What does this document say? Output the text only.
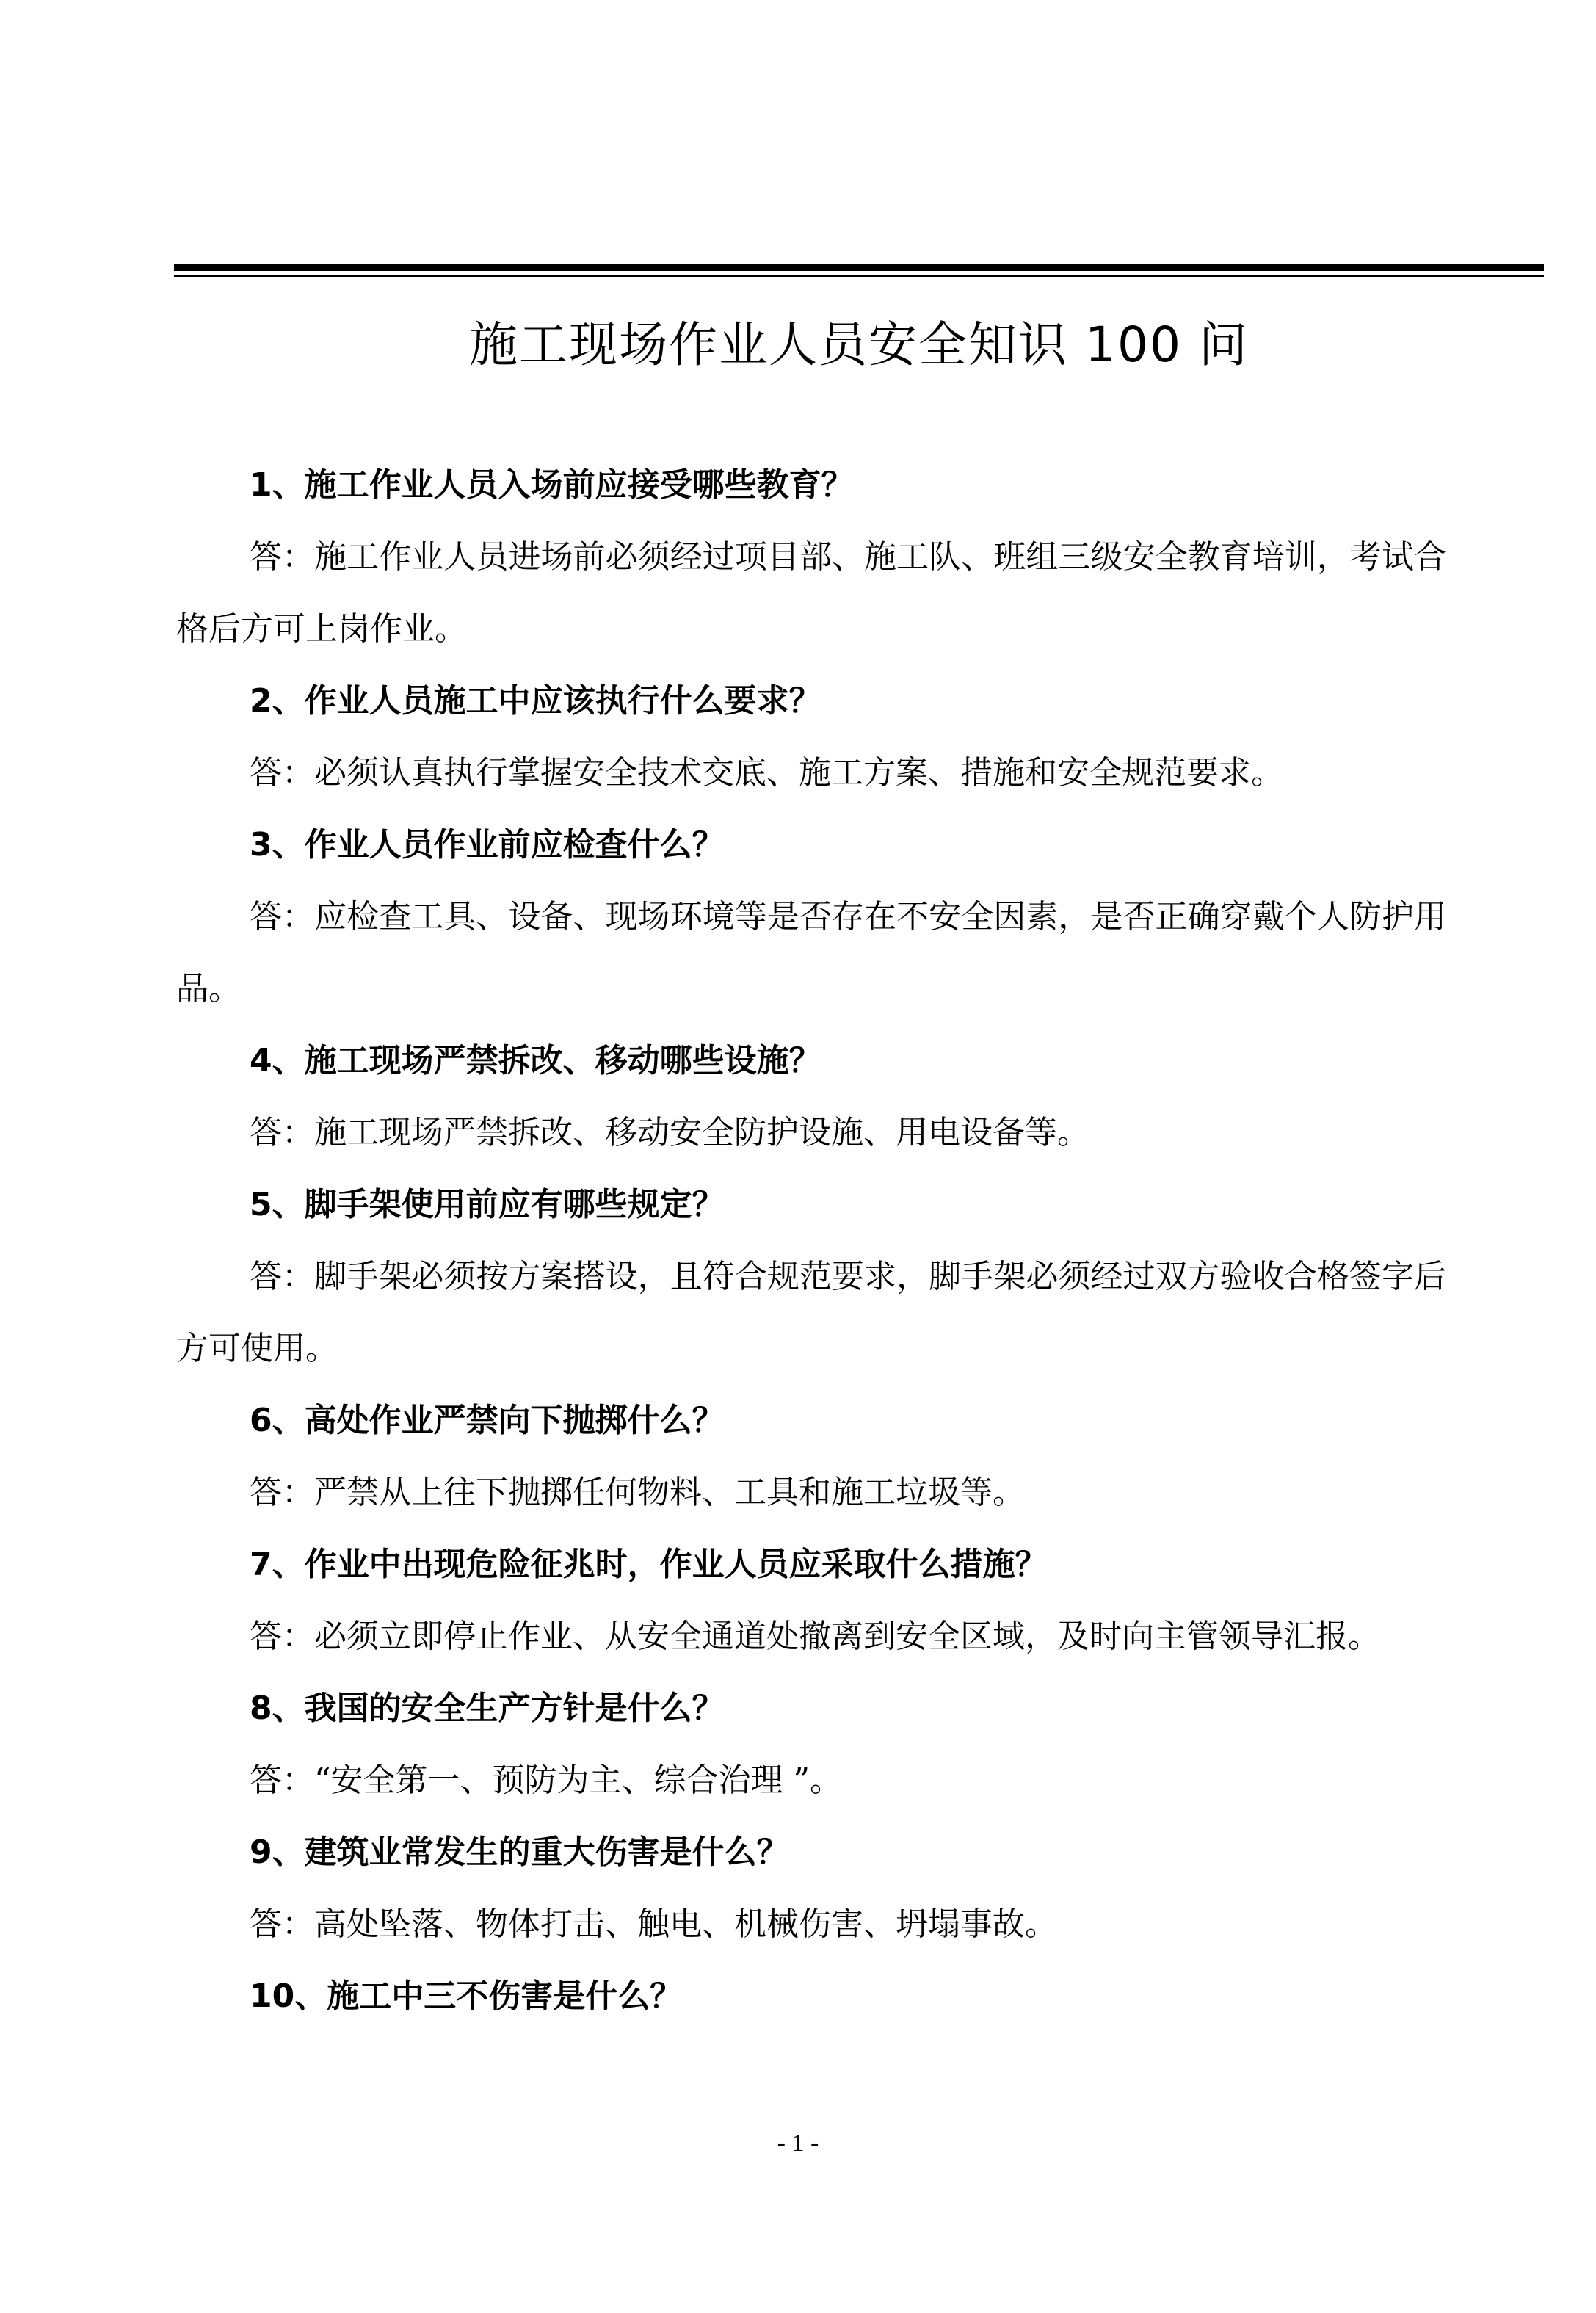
施工现场作业人员安全知识 100 问

1、施工作业人员入场前应接受哪些教育？

答：施工作业人员进场前必须经过项目部、施工队、班组三级安全教育培训，考试合格后方可上岗作业。

2、作业人员施工中应该执行什么要求？

答：必须认真执行掌握安全技术交底、施工方案、措施和安全规范要求。

3、作业人员作业前应检查什么？

答：应检查工具、设备、现场环境等是否存在不安全因素，是否正确穿戴个人防护用品。

4、施工现场严禁拆改、移动哪些设施？

答：施工现场严禁拆改、移动安全防护设施、用电设备等。

5、脚手架使用前应有哪些规定？

答：脚手架必须按方案搭设，且符合规范要求，脚手架必须经过双方验收合格签字后方可使用。

6、高处作业严禁向下抛掷什么？

答：严禁从上往下抛掷任何物料、工具和施工垃圾等。

7、作业中出现危险征兆时，作业人员应采取什么措施？

答：必须立即停止作业、从安全通道处撤离到安全区域，及时向主管领导汇报。

8、我国的安全生产方针是什么？

答：“安全第一、预防为主、综合治理 ”。

9、建筑业常发生的重大伤害是什么？

答：高处坠落、物体打击、触电、机械伤害、坍塌事故。

10、施工中三不伤害是什么？

- 1 -
